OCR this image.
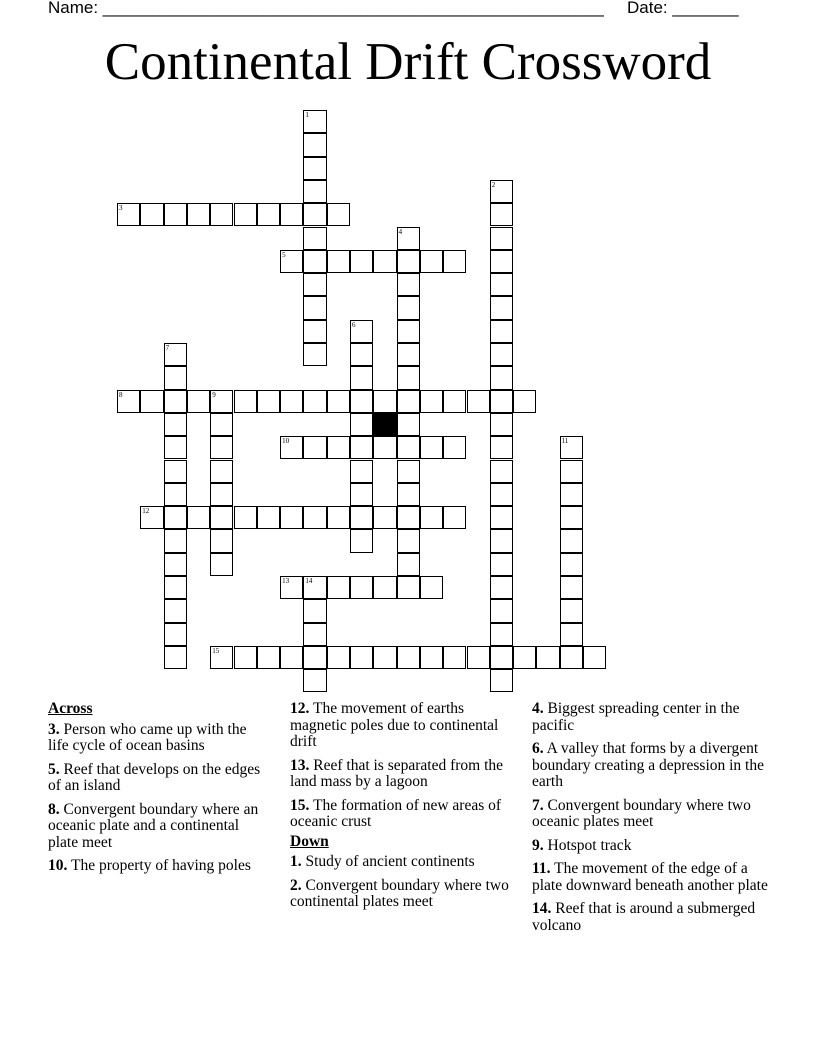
Name: _____________________________________________________ Date: _______
Continental Drift Crossword
1
2
3
4
5
6
7
8	9
10	11
12
13 14
15
Across
3. Person who came up with the life cycle of ocean basins
5. Reef that develops on the edges of an island
8. Convergent boundary where an oceanic plate and a continental plate meet
10. The property of having poles
12. The movement of earths magnetic poles due to continental drift
13. Reef that is separated from the land mass by a lagoon
15. The formation of new areas of oceanic crust
Down
1. Study of ancient continents
2. Convergent boundary where two continental plates meet
4. Biggest spreading center in the pacific
6. A valley that forms by a divergent boundary creating a depression in the earth
7. Convergent boundary where two oceanic plates meet
9. Hotspot track
11. The movement of the edge of a plate downward beneath another plate
14. Reef that is around a submerged volcano
